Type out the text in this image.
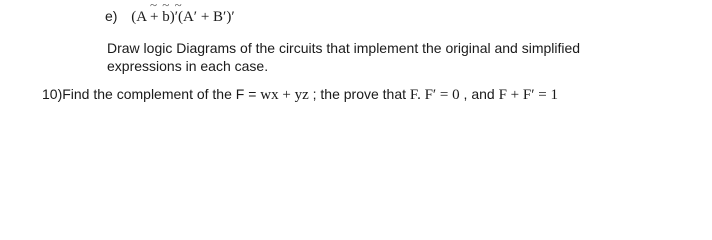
~ ~ ~
e) (A + b)′(A′ + B′)′
Draw logic Diagrams of the circuits that implement the original and simplified
expressions in each case.
10)Find the complement of the F = wx + yz ; the prove that F. F′ = 0 , and F + F′ = 1
